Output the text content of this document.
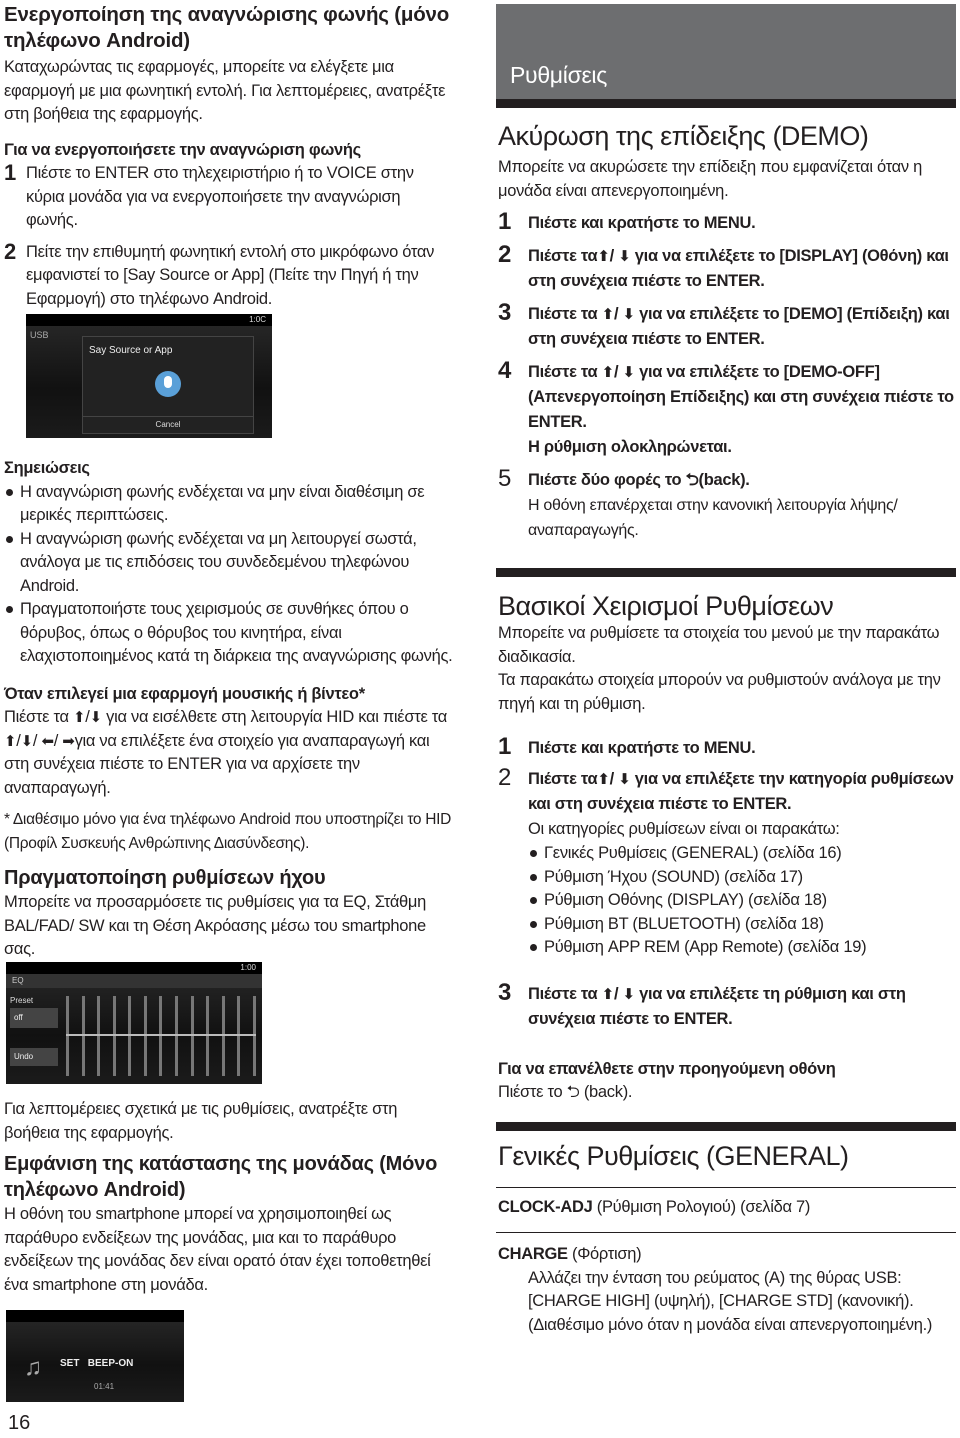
Ενεργοποίηση της αναγνώρισης φωνής (μόνο τηλέφωνο Android)

Καταχωρώντας τις εφαρμογές, μπορείτε να ελέγξετε μια εφαρμογή με μια φωνητική εντολή. Για λεπτομέρειες, ανατρέξτε στη βοήθεια της εφαρμογής.

Για να ενεργοποιήσετε την αναγνώριση φωνής

1 Πιέστε το ENTER στο τηλεχειριστήριο ή το VOICE στην κύρια μονάδα για να ενεργοποιήσετε την αναγνώριση φωνής.
2 Πείτε την επιθυμητή φωνητική εντολή στο μικρόφωνο όταν εμφανιστεί το [Say Source or App] (Πείτε την Πηγή ή την Εφαρμογή) στο τηλέφωνο Android.
1:0C
USB
Say Source or App
Cancel

Σημειώσεις

Η αναγνώριση φωνής ενδέχεται να μην είναι διαθέσιμη σε μερικές περιπτώσεις.
Η αναγνώριση φωνής ενδέχεται να μη λειτουργεί σωστά, ανάλογα με τις επιδόσεις του συνδεδεμένου τηλεφώνου Android.
Πραγματοποιήστε τους χειρισμούς σε συνθήκες όπου ο θόρυβος, όπως ο θόρυβος του κινητήρα, είναι ελαχιστοποιημένος κατά τη διάρκεια της αναγνώρισης φωνής.

Όταν επιλεγεί μια εφαρμογή μουσικής ή βίντεο*

Πιέστε τα ⬆/⬇ για να εισέλθετε στη λειτουργία HID και πιέστε τα ⬆/⬇/ ⬅/ ➡για να επιλέξετε ένα στοιχείο για αναπαραγωγή και στη συνέχεια πιέστε το ENTER για να αρχίσετε την αναπαραγωγή.

* Διαθέσιμο μόνο για ένα τηλέφωνο Android που υποστηρίζει το HID (Προφίλ Συσκευής Ανθρώπινης Διασύνδεσης).

Πραγματοποίηση ρυθμίσεων ήχου

Μπορείτε να προσαρμόσετε τις ρυθμίσεις για τα EQ, Στάθμη BAL/FAD/ SW και τη Θέση Ακρόασης μέσω του smartphone σας.

1:00
EQ
Preset
off
Undo

Για λεπτομέρειες σχετικά με τις ρυθμίσεις, ανατρέξτε στη βοήθεια της εφαρμογής.

Εμφάνιση της κατάστασης της μονάδας (Μόνο τηλέφωνο Android)

Η οθόνη του smartphone μπορεί να χρησιμοποιηθεί ως παράθυρο ενδείξεων της μονάδας, μια και το παράθυρο ενδείξεων της μονάδας δεν είναι ορατό όταν έχει τοποθετηθεί ένα smartphone στη μονάδα.

♫ SET   BEEP-ON
01:41
16
Ρυθμίσεις

Ακύρωση της επίδειξης (DEMO)

Μπορείτε να ακυρώσετε την επίδειξη που εμφανίζεται όταν η μονάδα είναι απενεργοποιημένη.

1 Πιέστε και κρατήστε το MENU.
2 Πιέστε τα⬆/ ⬇ για να επιλέξετε το [DISPLAY] (Οθόνη) και στη συνέχεια πιέστε το ENTER.
3 Πιέστε τα ⬆/ ⬇ για να επιλέξετε το [DEMO] (Επίδειξη) και στη συνέχεια πιέστε το ENTER.
4 Πιέστε τα ⬆/ ⬇ για να επιλέξετε το [DEMO-OFF] (Απενεργοποίηση Επίδειξης) και στη συνέχεια πιέστε το ENTER.
Η ρύθμιση ολοκληρώνεται.
5 Πιέστε δύο φορές το ⮌(back).
Η οθόνη επανέρχεται στην κανονική λειτουργία λήψης/ αναπαραγωγής.

Βασικοί Χειρισμοί Ρυθμίσεων

Μπορείτε να ρυθμίσετε τα στοιχεία του μενού με την παρακάτω διαδικασία.

Τα παρακάτω στοιχεία μπορούν να ρυθμιστούν ανάλογα με την πηγή και τη ρύθμιση.

1 Πιέστε και κρατήστε το MENU.
2 Πιέστε τα⬆/ ⬇ για να επιλέξετε την κατηγορία ρυθμίσεων και στη συνέχεια πιέστε το ENTER.
Οι κατηγορίες ρυθμίσεων είναι οι παρακάτω:
Γενικές Ρυθμίσεις (GENERAL) (σελίδα 16)
Ρύθμιση Ήχου (SOUND) (σελίδα 17)
Ρύθμιση Οθόνης (DISPLAY) (σελίδα 18)
Ρύθμιση BT (BLUETOOTH) (σελίδα 18)
Ρύθμιση APP REM (App Remote) (σελίδα 19)
3 Πιέστε τα ⬆/ ⬇ για να επιλέξετε τη ρύθμιση και στη συνέχεια πιέστε το ENTER.

Για να επανέλθετε στην προηγούμενη οθόνη

Πιέστε το ⮌ (back).

Γενικές Ρυθμίσεις (GENERAL)

CLOCK-ADJ (Ρύθμιση Ρολογιού) (σελίδα 7)

CHARGE (Φόρτιση)

Αλλάζει την ένταση του ρεύματος (A) της θύρας USB: [CHARGE HIGH] (υψηλή), [CHARGE STD] (κανονική). (Διαθέσιμο μόνο όταν η μονάδα είναι απενεργοποιημένη.)
